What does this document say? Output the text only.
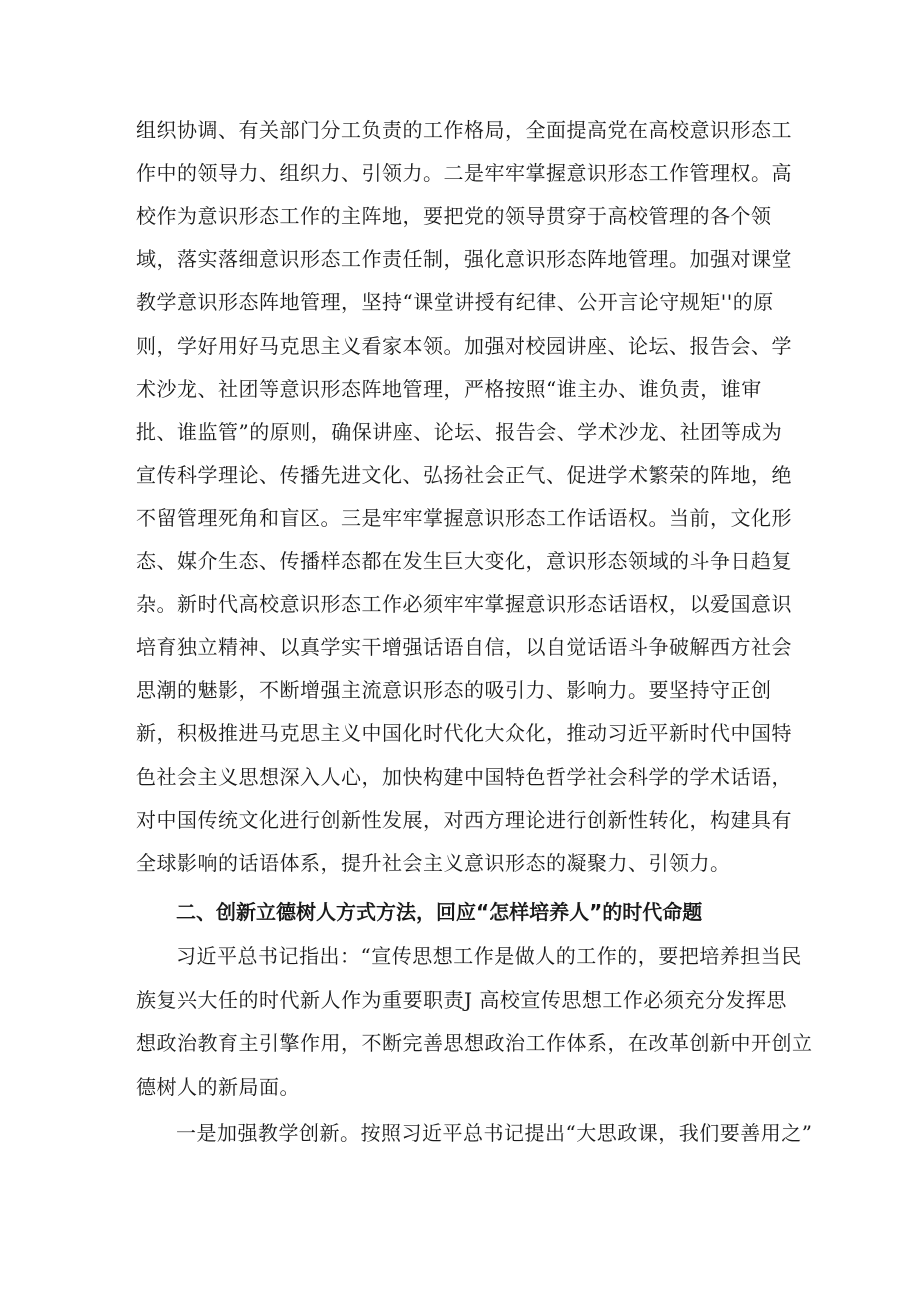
组织协调、有关部门分工负责的工作格局，全面提高党在高校意识形态工
作中的领导力、组织力、引领力。二是牢牢掌握意识形态工作管理权。高
校作为意识形态工作的主阵地，要把党的领导贯穿于高校管理的各个领
域，落实落细意识形态工作责任制，强化意识形态阵地管理。加强对课堂
教学意识形态阵地管理，坚持“课堂讲授有纪律、公开言论守规矩''的原
则，学好用好马克思主义看家本领。加强对校园讲座、论坛、报告会、学
术沙龙、社团等意识形态阵地管理，严格按照“谁主办、谁负责，谁审
批、谁监管”的原则，确保讲座、论坛、报告会、学术沙龙、社团等成为
宣传科学理论、传播先进文化、弘扬社会正气、促进学术繁荣的阵地，绝
不留管理死角和盲区。三是牢牢掌握意识形态工作话语权。当前，文化形
态、媒介生态、传播样态都在发生巨大变化，意识形态领域的斗争日趋复
杂。新时代高校意识形态工作必须牢牢掌握意识形态话语权，以爱国意识
培育独立精神、以真学实干增强话语自信，以自觉话语斗争破解西方社会
思潮的魅影，不断增强主流意识形态的吸引力、影响力。要坚持守正创
新，积极推进马克思主义中国化时代化大众化，推动习近平新时代中国特
色社会主义思想深入人心，加快构建中国特色哲学社会科学的学术话语，
对中国传统文化进行创新性发展，对西方理论进行创新性转化，构建具有
全球影响的话语体系，提升社会主义意识形态的凝聚力、引领力。
二、创新立德树人方式方法，回应“怎样培养人”的时代命题
习近平总书记指出：“宣传思想工作是做人的工作的，要把培养担当民
族复兴大任的时代新人作为重要职责J 高校宣传思想工作必须充分发挥思
想政治教育主引擎作用，不断完善思想政治工作体系，在改革创新中开创立
德树人的新局面。
一是加强教学创新。按照习近平总书记提出“大思政课，我们要善用之”
